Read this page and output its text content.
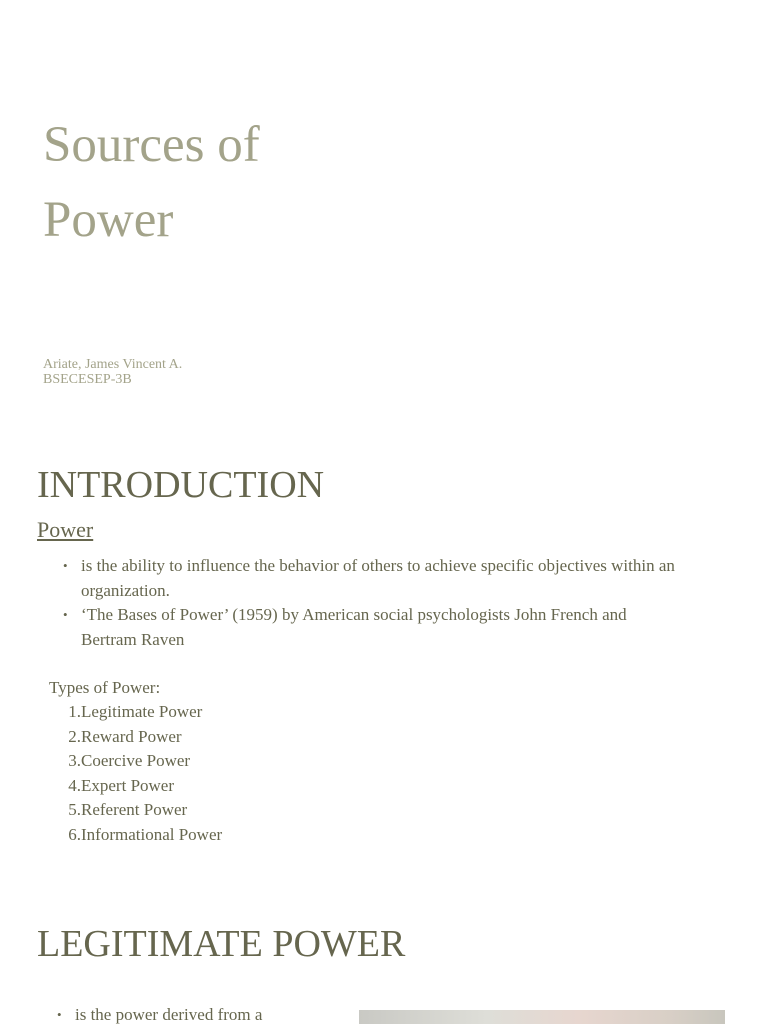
Sources of
Power
Ariate, James Vincent A.
BSECESEP-3B
INTRODUCTION
Power
• is the ability to influence the behavior of others to achieve specific objectives within an organization.
• ‘The Bases of Power’ (1959) by American social psychologists John French and Bertram Raven
Types of Power:
1. Legitimate Power
2. Reward Power
3. Coercive Power
4. Expert Power
5. Referent Power
6. Informational Power
LEGITIMATE POWER
• is the power derived from a
